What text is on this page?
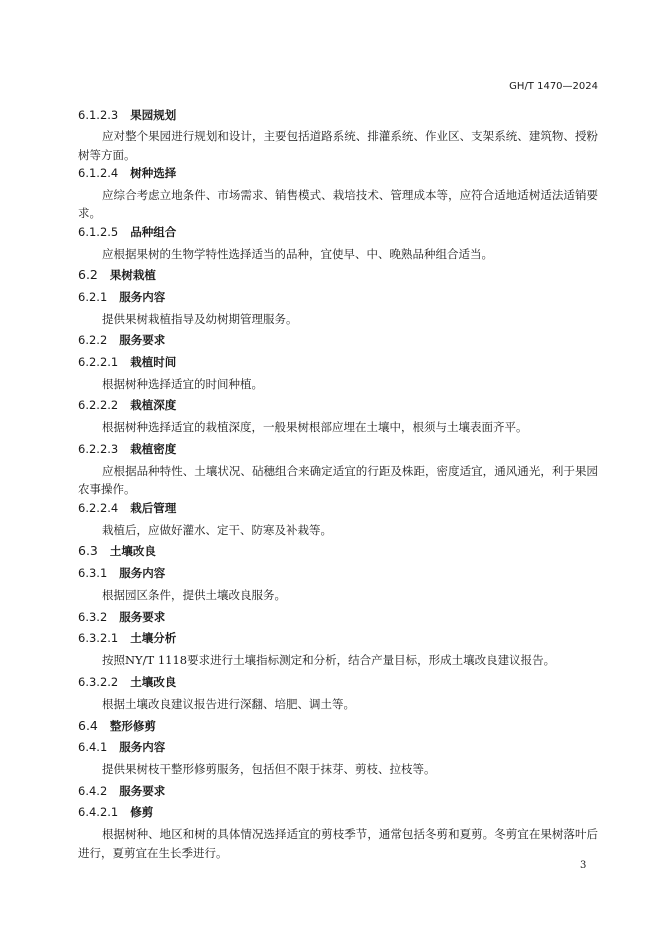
GH/T 1470—2024
6.1.2.3 果园规划
应对整个果园进行规划和设计，主要包括道路系统、排灌系统、作业区、支架系统、建筑物、授粉
树等方面。
6.1.2.4 树种选择
应综合考虑立地条件、市场需求、销售模式、栽培技术、管理成本等，应符合适地适树适法适销要
求。
6.1.2.5 品种组合
应根据果树的生物学特性选择适当的品种，宜使早、中、晚熟品种组合适当。
6.2 果树栽植
6.2.1 服务内容
提供果树栽植指导及幼树期管理服务。
6.2.2 服务要求
6.2.2.1 栽植时间
根据树种选择适宜的时间种植。
6.2.2.2 栽植深度
根据树种选择适宜的栽植深度，一般果树根部应埋在土壤中，根须与土壤表面齐平。
6.2.2.3 栽植密度
应根据品种特性、土壤状况、砧穗组合来确定适宜的行距及株距，密度适宜，通风通光，利于果园
农事操作。
6.2.2.4 栽后管理
栽植后，应做好灌水、定干、防寒及补栽等。
6.3 土壤改良
6.3.1 服务内容
根据园区条件，提供土壤改良服务。
6.3.2 服务要求
6.3.2.1 土壤分析
按照NY/T 1118要求进行土壤指标测定和分析，结合产量目标，形成土壤改良建议报告。
6.3.2.2 土壤改良
根据土壤改良建议报告进行深翻、培肥、调土等。
6.4 整形修剪
6.4.1 服务内容
提供果树枝干整形修剪服务，包括但不限于抹芽、剪枝、拉枝等。
6.4.2 服务要求
6.4.2.1 修剪
根据树种、地区和树的具体情况选择适宜的剪枝季节，通常包括冬剪和夏剪。冬剪宜在果树落叶后
进行，夏剪宜在生长季进行。
3
